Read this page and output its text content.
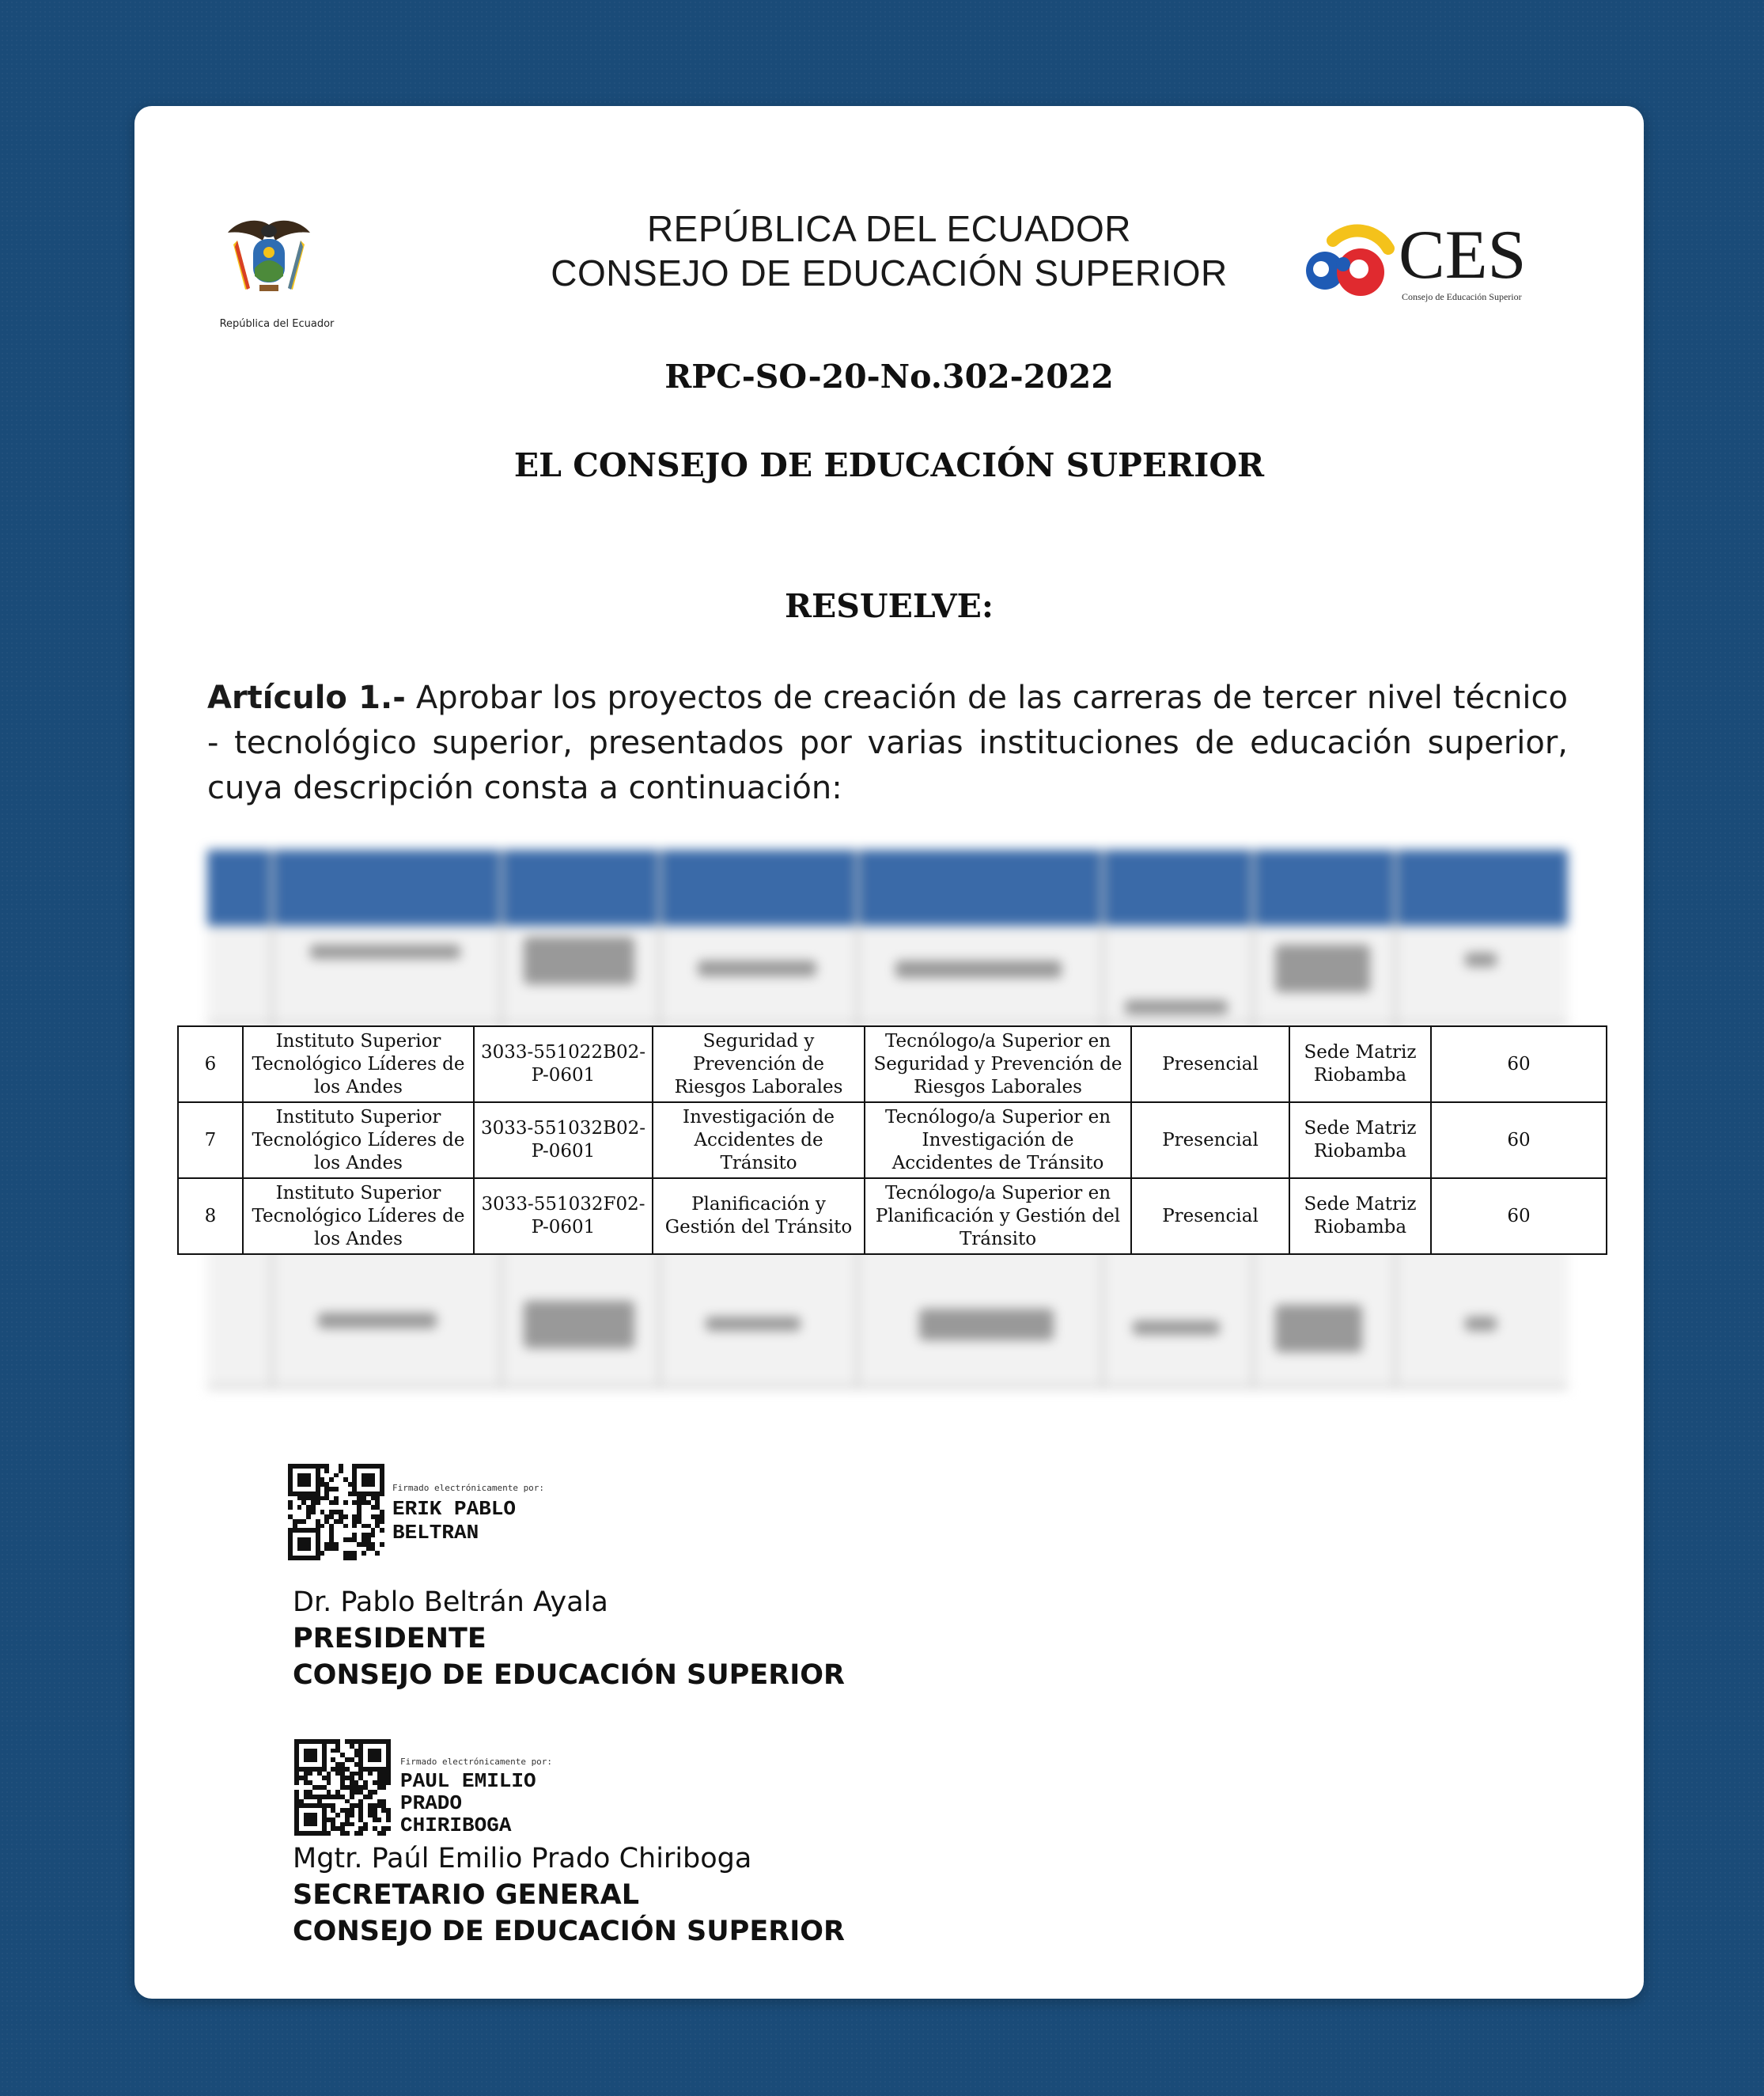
República del Ecuador
REPÚBLICA DEL ECUADOR
CONSEJO DE EDUCACIÓN SUPERIOR	CES
Consejo de Educación Superior
RPC-SO-20-No.302-2022
EL CONSEJO DE EDUCACIÓN SUPERIOR
RESUELVE:
Artículo 1.- Aprobar los proyectos de creación de las carreras de tercer nivel técnico - tecnológico superior, presentados por varias instituciones de educación superior, cuya descripción consta a continuación:
6	Instituto Superior Tecnológico Líderes de los Andes	3033-551022B02-P-0601	Seguridad y Prevención de Riesgos Laborales	Tecnólogo/a Superior en Seguridad y Prevención de Riesgos Laborales	Presencial	Sede Matriz Riobamba	60
7	Instituto Superior Tecnológico Líderes de los Andes	3033-551032B02-P-0601	Investigación de Accidentes de Tránsito	Tecnólogo/a Superior en Investigación de Accidentes de Tránsito	Presencial	Sede Matriz Riobamba	60
8	Instituto Superior Tecnológico Líderes de los Andes	3033-551032F02-P-0601	Planificación y Gestión del Tránsito	Tecnólogo/a Superior en Planificación y Gestión del Tránsito	Presencial	Sede Matriz Riobamba	60
Firmado electrónicamente por:
ERIK PABLO
BELTRAN
Dr. Pablo Beltrán Ayala
PRESIDENTE
CONSEJO DE EDUCACIÓN SUPERIOR
Firmado electrónicamente por:
PAUL EMILIO
PRADO
CHIRIBOGA
Mgtr. Paúl Emilio Prado Chiriboga
SECRETARIO GENERAL
CONSEJO DE EDUCACIÓN SUPERIOR
